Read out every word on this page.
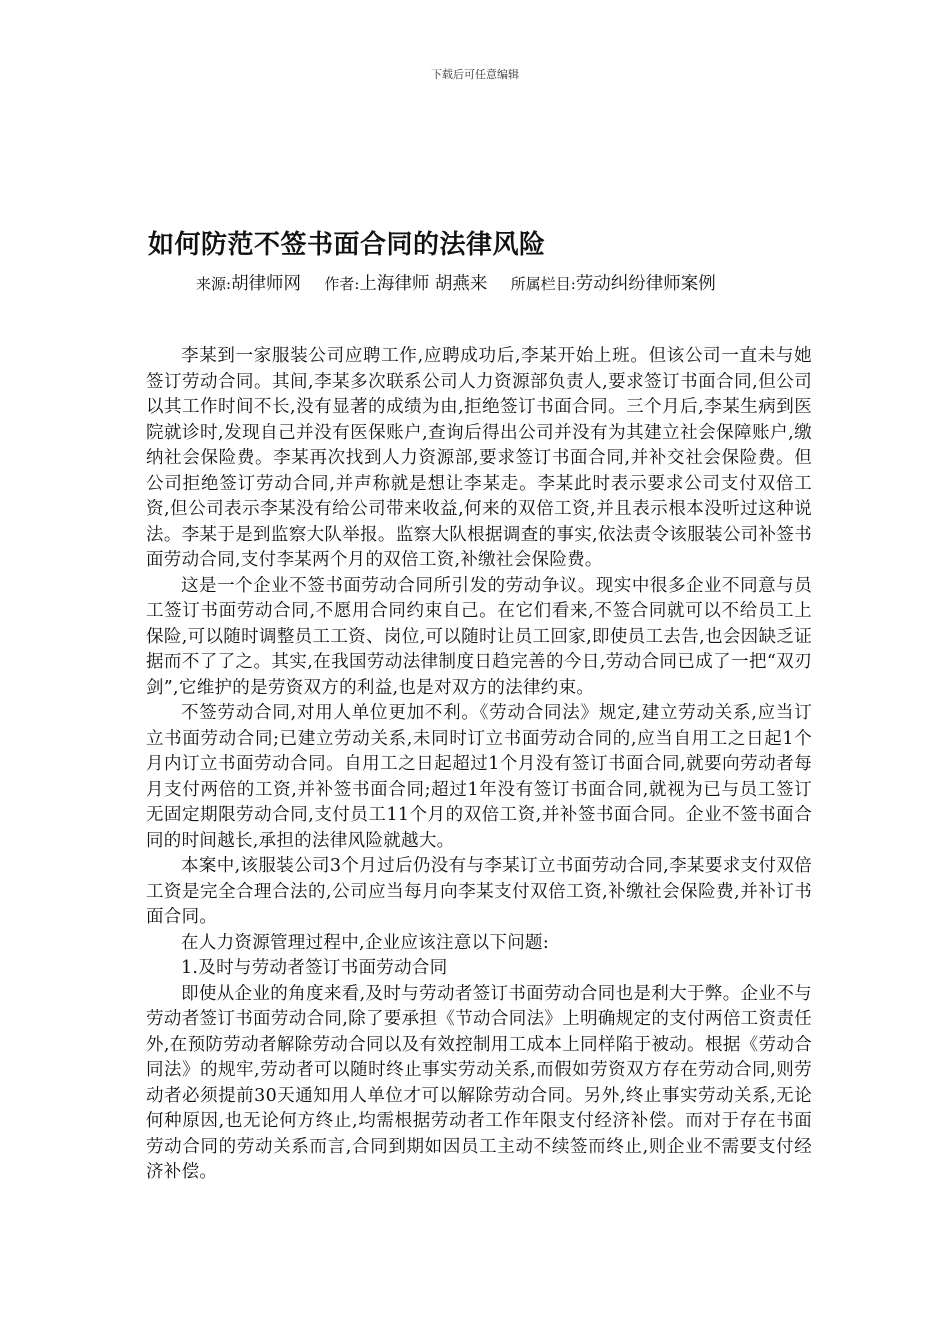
下载后可任意编辑
如何防范不签书面合同的法律风险
来源:胡律师网 作者:上海律师 胡燕来 所属栏目:劳动纠纷律师案例

李某到一家服装公司应聘工作,应聘成功后,李某开始上班。但该公司一直未与她签订劳动合同。其间,李某多次联系公司人力资源部负责人,要求签订书面合同,但公司以其工作时间不长,没有显著的成绩为由,拒绝签订书面合同。三个月后,李某生病到医院就诊时,发现自己并没有医保账户,查询后得出公司并没有为其建立社会保障账户,缴纳社会保险费。李某再次找到人力资源部,要求签订书面合同,并补交社会保险费。但公司拒绝签订劳动合同,并声称就是想让李某走。李某此时表示要求公司支付双倍工资,但公司表示李某没有给公司带来收益,何来的双倍工资,并且表示根本没听过这种说法。李某于是到监察大队举报。监察大队根据调查的事实,依法责令该服装公司补签书面劳动合同,支付李某两个月的双倍工资,补缴社会保险费。

这是一个企业不签书面劳动合同所引发的劳动争议。现实中很多企业不同意与员工签订书面劳动合同,不愿用合同约束自己。在它们看来,不签合同就可以不给员工上保险,可以随时调整员工工资、岗位,可以随时让员工回家,即使员工去告,也会因缺乏证据而不了了之。其实,在我国劳动法律制度日趋完善的今日,劳动合同已成了一把“双刃剑”,它维护的是劳资双方的利益,也是对双方的法律约束。

不签劳动合同,对用人单位更加不利。《劳动合同法》规定,建立劳动关系,应当订立书面劳动合同;已建立劳动关系,未同时订立书面劳动合同的,应当自用工之日起1个月内订立书面劳动合同。自用工之日起超过1个月没有签订书面合同,就要向劳动者每月支付两倍的工资,并补签书面合同;超过1年没有签订书面合同,就视为已与员工签订无固定期限劳动合同,支付员工11个月的双倍工资,并补签书面合同。企业不签书面合同的时间越长,承担的法律风险就越大。

本案中,该服装公司3个月过后仍没有与李某订立书面劳动合同,李某要求支付双倍工资是完全合理合法的,公司应当每月向李某支付双倍工资,补缴社会保险费,并补订书面合同。

在人力资源管理过程中,企业应该注意以下问题:

1.及时与劳动者签订书面劳动合同

即使从企业的角度来看,及时与劳动者签订书面劳动合同也是利大于弊。企业不与劳动者签订书面劳动合同,除了要承担《节动合同法》上明确规定的支付两倍工资责任外,在预防劳动者解除劳动合同以及有效控制用工成本上同样陷于被动。根据《劳动合同法》的规牢,劳动者可以随时终止事实劳动关系,而假如劳资双方存在劳动合同,则劳动者必须提前30天通知用人单位才可以解除劳动合同。另外,终止事实劳动关系,无论何种原因,也无论何方终止,均需根据劳动者工作年限支付经济补偿。而对于存在书面劳动合同的劳动关系而言,合同到期如因员工主动不续签而终止,则企业不需要支付经济补偿。
